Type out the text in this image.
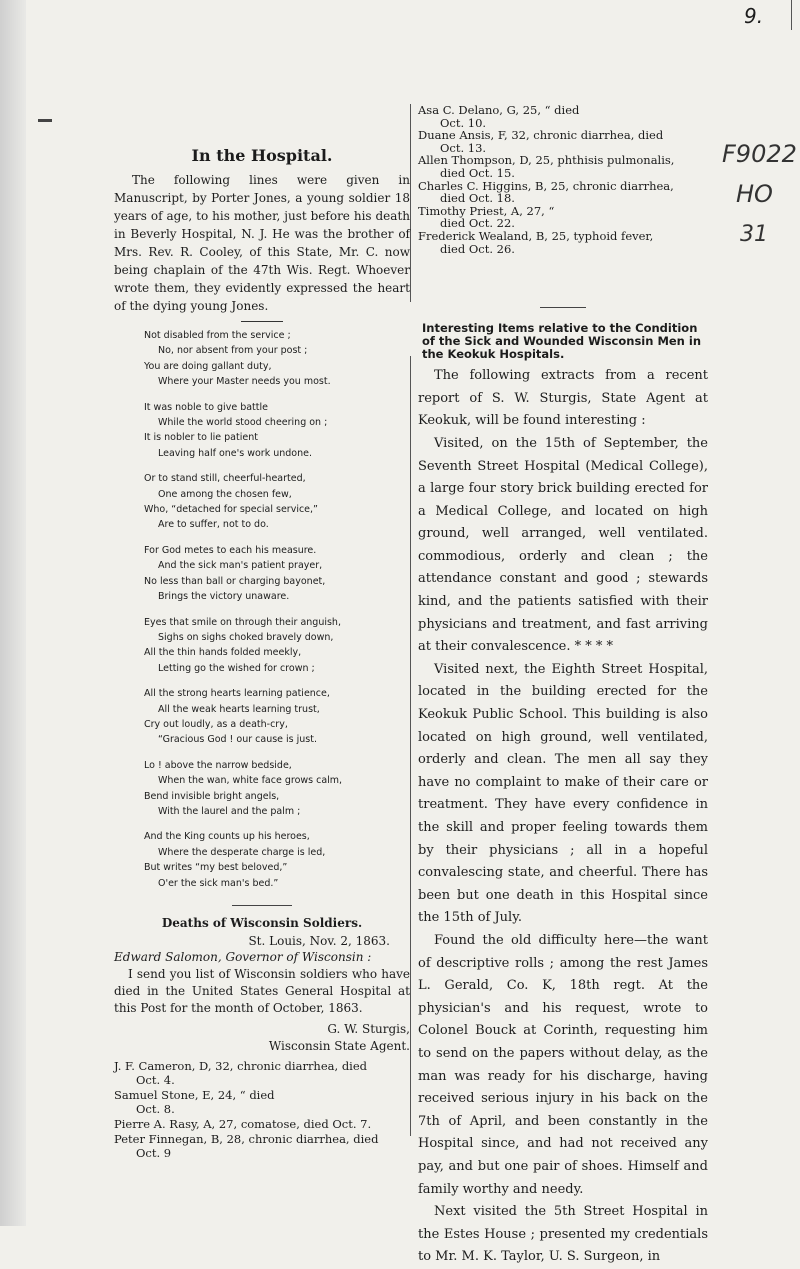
9.
F9022
HO
31
In the Hospital.

The following lines were given in Manuscript, by Porter Jones, a young soldier 18 years of age, to his mother, just before his death in Beverly Hospital, N. J. He was the brother of Mrs. Rev. R. Cooley, of this State, Mr. C. now being chaplain of the 47th Wis. Regt. Whoever wrote them, they evidently expressed the heart of the dying young Jones.

Not disabled from the service ;
No, nor absent from your post ;
You are doing gallant duty,
Where your Master needs you most.
It was noble to give battle
While the world stood cheering on ;
It is nobler to lie patient
Leaving half one's work undone.
Or to stand still, cheerful-hearted,
One among the chosen few,
Who, “detached for special service,”
Are to suffer, not to do.
For God metes to each his measure.
And the sick man's patient prayer,
No less than ball or charging bayonet,
Brings the victory unaware.
Eyes that smile on through their anguish,
Sighs on sighs choked bravely down,
All the thin hands folded meekly,
Letting go the wished for crown ;
All the strong hearts learning patience,
All the weak hearts learning trust,
Cry out loudly, as a death-cry,
“Gracious God ! our cause is just.
Lo ! above the narrow bedside,
When the wan, white face grows calm,
Bend invisible bright angels,
With the laurel and the palm ;
And the King counts up his heroes,
Where the desperate charge is led,
But writes “my best beloved,”
O'er the sick man's bed.”
Deaths of Wisconsin Soldiers.
St. Louis, Nov. 2, 1863.
Edward Salomon, Governor of Wisconsin :

I send you list of Wisconsin soldiers who have died in the United States General Hospital at this Post for the month of October, 1863.

G. W. Sturgis,
Wisconsin State Agent.
J. F. Cameron, D, 32, chronic diarrhea, died
Oct. 4.
Samuel Stone, E, 24, “ died
Oct. 8.
Pierre A. Rasy, A, 27, comatose, died Oct. 7.
Peter Finnegan, B, 28, chronic diarrhea, died
Oct. 9
Asa C. Delano, G, 25, “ died
Oct. 10.
Duane Ansis, F, 32, chronic diarrhea, died
Oct. 13.
Allen Thompson, D, 25, phthisis pulmonalis,
died Oct. 15.
Charles C. Higgins, B, 25, chronic diarrhea,
died Oct. 18.
Timothy Priest, A, 27, “
died Oct. 22.
Frederick Wealand, B, 25, typhoid fever,
died Oct. 26.
Interesting Items relative to the Condition of the Sick and Wounded Wisconsin Men in the Keokuk Hospitals.

The following extracts from a recent report of S. W. Sturgis, State Agent at Keokuk, will be found interesting :

Visited, on the 15th of September, the Seventh Street Hospital (Medical College), a large four story brick building erected for a Medical College, and located on high ground, well arranged, well ventilated. commodious, orderly and clean ; the attendance constant and good ; stewards kind, and the patients satisfied with their physicians and treatment, and fast arriving at their convalescence. * * * *

Visited next, the Eighth Street Hospital, located in the building erected for the Keokuk Public School. This building is also located on high ground, well ventilated, orderly and clean. The men all say they have no complaint to make of their care or treatment. They have every confidence in the skill and proper feeling towards them by their physicians ; all in a hopeful convalescing state, and cheerful. There has been but one death in this Hospital since the 15th of July.

Found the old difficulty here—the want of descriptive rolls ; among the rest James L. Gerald, Co. K, 18th regt. At the physician's and his request, wrote to Colonel Bouck at Corinth, requesting him to send on the papers without delay, as the man was ready for his discharge, having received serious injury in his back on the 7th of April, and been constantly in the Hospital since, and had not received any pay, and but one pair of shoes. Himself and family worthy and needy.

Next visited the 5th Street Hospital in the Estes House ; presented my credentials to Mr. M. K. Taylor, U. S. Surgeon, in
